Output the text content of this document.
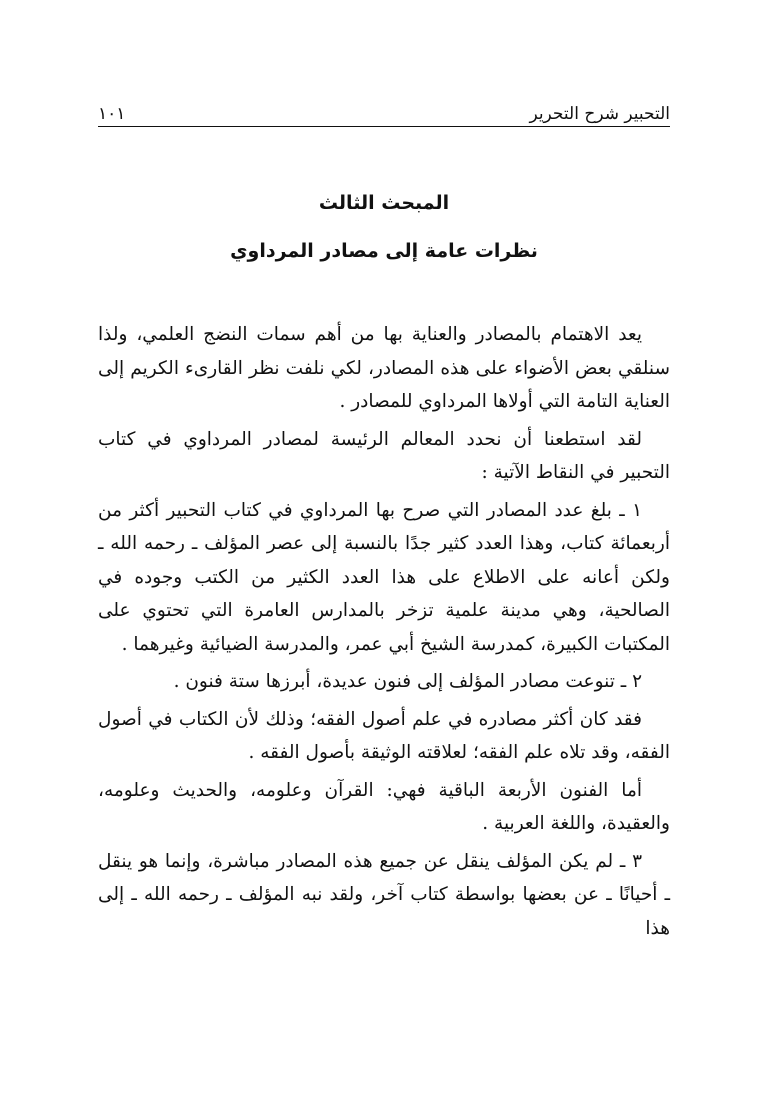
التحبير شرح التحرير
١٠١

المبحث الثالث

نظرات عامة إلى مصادر المرداوي

يعد الاهتمام بالمصادر والعناية بها من أهم سمات النضج العلمي، ولذا سنلقي بعض الأضواء على هذه المصادر، لكي نلفت نظر القارىء الكريم إلى العناية التامة التي أولاها المرداوي للمصادر .

لقد استطعنا أن نحدد المعالم الرئيسة لمصادر المرداوي في كتاب التحبير في النقاط الآتية :

١ ـ بلغ عدد المصادر التي صرح بها المرداوي في كتاب التحبير أكثر من أربعمائة كتاب، وهذا العدد كثير جدًا بالنسبة إلى عصر المؤلف ـ رحمه الله ـ ولكن أعانه على الاطلاع على هذا العدد الكثير من الكتب وجوده في الصالحية، وهي مدينة علمية تزخر بالمدارس العامرة التي تحتوي على المكتبات الكبيرة، كمدرسة الشيخ أبي عمر، والمدرسة الضيائية وغيرهما .

٢ ـ تنوعت مصادر المؤلف إلى فنون عديدة، أبرزها ستة فنون .

فقد كان أكثر مصادره في علم أصول الفقه؛ وذلك لأن الكتاب في أصول الفقه، وقد تلاه علم الفقه؛ لعلاقته الوثيقة بأصول الفقه .

أما الفنون الأربعة الباقية فهي: القرآن وعلومه، والحديث وعلومه، والعقيدة، واللغة العربية .

٣ ـ لم يكن المؤلف ينقل عن جميع هذه المصادر مباشرة، وإنما هو ينقل ـ أحيانًا ـ عن بعضها بواسطة كتاب آخر، ولقد نبه المؤلف ـ رحمه الله ـ إلى هذا
